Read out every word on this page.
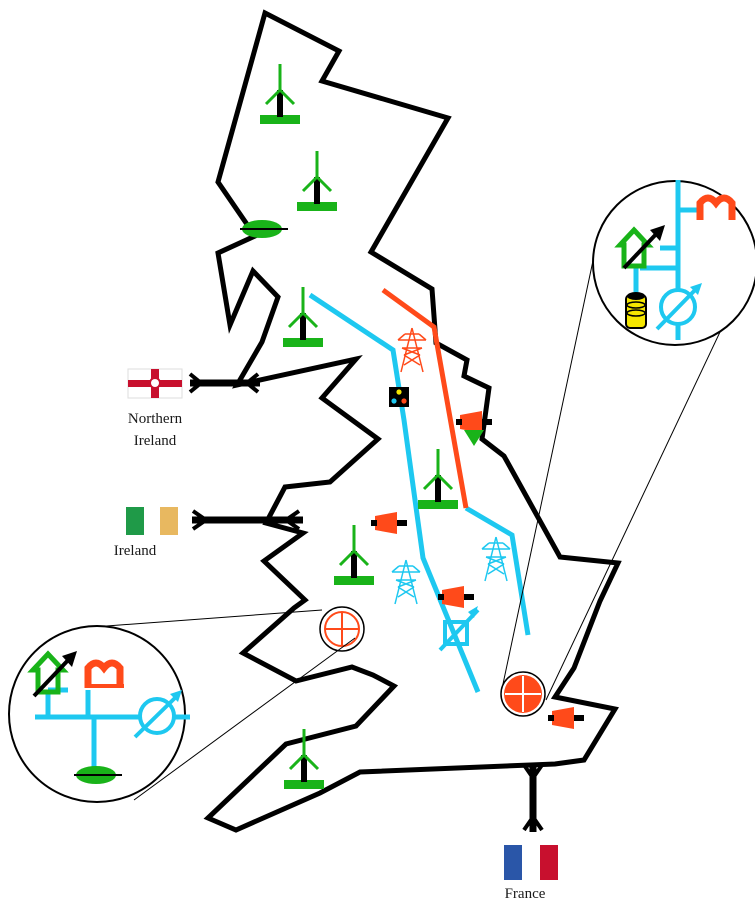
Northern
Ireland
Ireland
France
